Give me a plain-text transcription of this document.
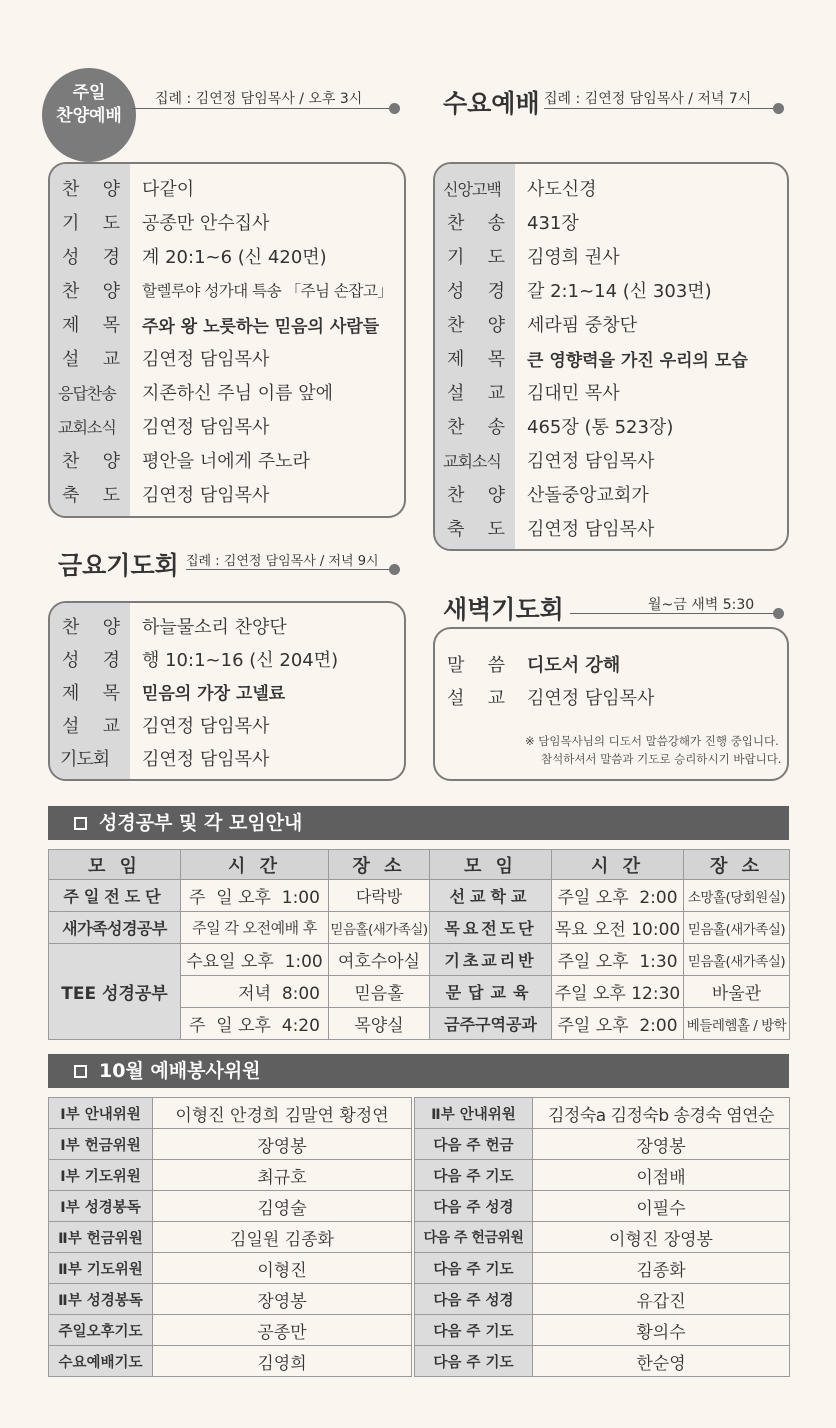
주일
찬양예배
집례 : 김연정 담임목사 / 오후 3시
찬 양	다같이
기 도	공종만 안수집사
성 경	계 20:1~6 (신 420면)
찬 양	할렐루야 성가대 특송 「주님 손잡고」
제 목	주와 왕 노릇하는 믿음의 사람들
설 교	김연정 담임목사
응답찬송	지존하신 주님 이름 앞에
교회소식	김연정 담임목사
찬 양	평안을 너에게 주노라
축 도	김연정 담임목사
수요예배 집례 : 김연정 담임목사 / 저녁 7시
신앙고백	사도신경
찬 송	431장
기 도	김영희 권사
성 경	갈 2:1~14 (신 303면)
찬 양	세라핌 중창단
제 목	큰 영향력을 가진 우리의 모습
설 교	김대민 목사
찬 송	465장 (통 523장)
교회소식	김연정 담임목사
찬 양	산돌중앙교회가
축 도	김연정 담임목사
금요기도회 집례 : 김연정 담임목사 / 저녁 9시
찬 양	하늘물소리 찬양단
성 경	행 10:1~16 (신 204면)
제 목	믿음의 가장 고넬료
설 교	김연정 담임목사
기도회	김연정 담임목사
새벽기도회	월~금 새벽 5:30
말 씀	디도서 강해
설 교	김연정 담임목사
※ 담임목사님의 디도서 말씀강해가 진행 중입니다.
참석하셔서 말씀과 기도로 승리하시기 바랍니다.
성경공부 및 각 모임안내
모 임	시 간	장 소	모 임	시 간	장 소
주일전도단	주  일 오후  1:00	다락방	선교학교	주일 오후  2:00	소망홀(당회원실)
새가족성경공부	주일 각 오전예배 후	믿음홀(새가족실)	목요전도단	목요 오전 10:00	믿음홀(새가족실)
TEE 성경공부	수요일 오후  1:00	여호수아실	기초교리반	주일 오후  1:30	믿음홀(새가족실)
	저녁  8:00	믿음홀	문답교육	주일 오후 12:30	바울관
	주  일 오후  4:20	목양실	금주구역공과	주일 오후  2:00	베들레헴홀 / 방학
10월 예배봉사위원
Ⅰ부 안내위원	이형진 안경희 김말연 황정연
Ⅰ부 헌금위원	장영봉
Ⅰ부 기도위원	최규호
Ⅰ부 성경봉독	김영술
Ⅱ부 헌금위원	김일원 김종화
Ⅱ부 기도위원	이형진
Ⅱ부 성경봉독	장영봉
주일오후기도	공종만
수요예배기도	김영희
Ⅱ부 안내위원	김정숙a 김정숙b 송경숙 염연순
다음 주 헌금	장영봉
다음 주 기도	이점배
다음 주 성경	이필수
다음 주 헌금위원	이형진 장영봉
다음 주 기도	김종화
다음 주 성경	유갑진
다음 주 기도	황의수
다음 주 기도	한순영
